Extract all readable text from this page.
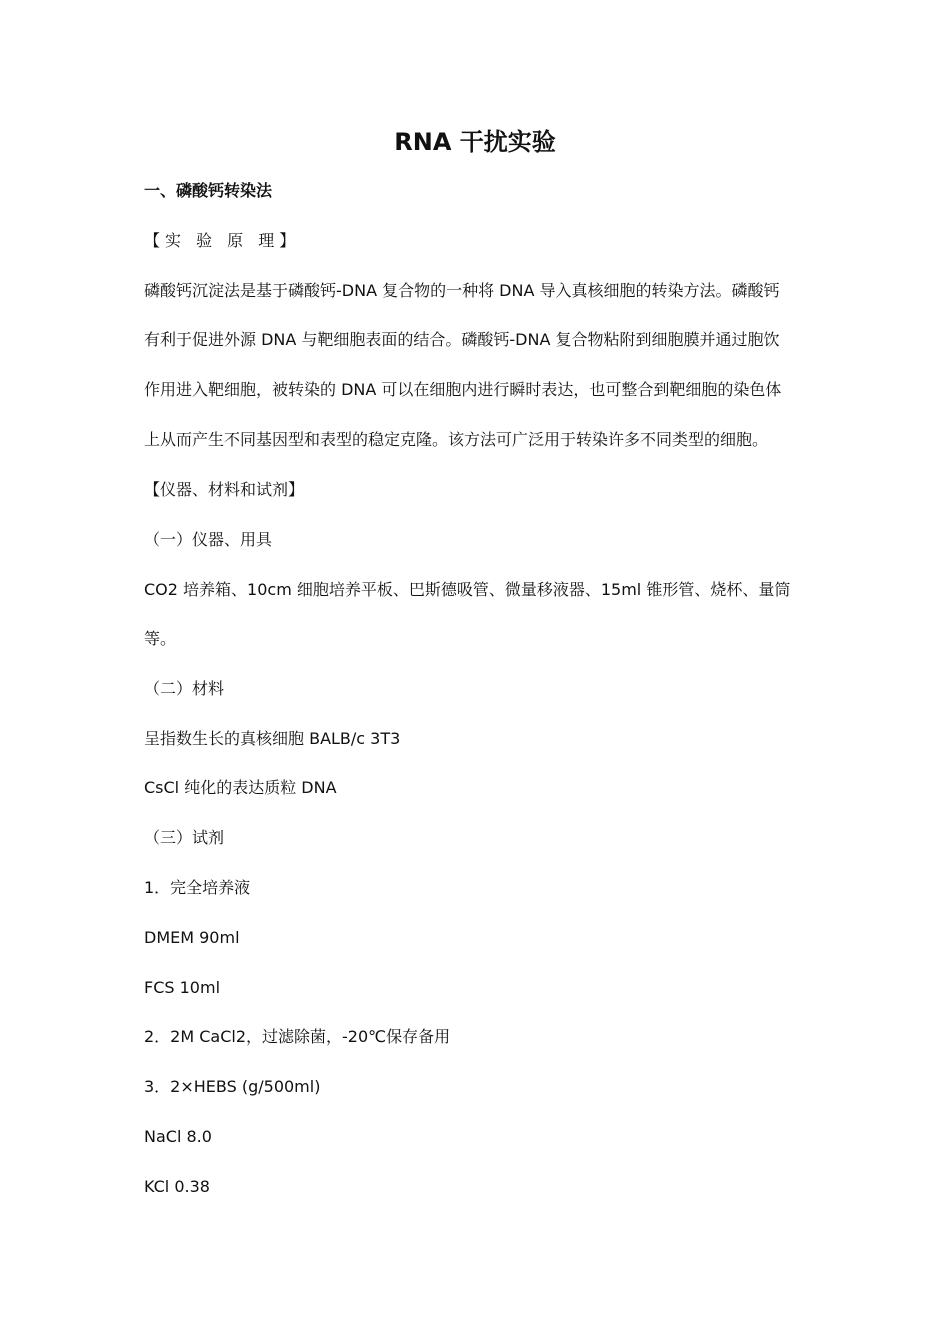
RNA 干扰实验

一、磷酸钙转染法

【实 验 原 理】

磷酸钙沉淀法是基于磷酸钙-DNA 复合物的一种将 DNA 导入真核细胞的转染方法。磷酸钙

有利于促进外源 DNA 与靶细胞表面的结合。磷酸钙-DNA 复合物粘附到细胞膜并通过胞饮

作用进入靶细胞，被转染的 DNA 可以在细胞内进行瞬时表达，也可整合到靶细胞的染色体

上从而产生不同基因型和表型的稳定克隆。该方法可广泛用于转染许多不同类型的细胞。

【仪器、材料和试剂】

（一）仪器、用具

CO2 培养箱、10cm 细胞培养平板、巴斯德吸管、微量移液器、15ml 锥形管、烧杯、量筒

等。

（二）材料

呈指数生长的真核细胞 BALB/c 3T3

CsCl 纯化的表达质粒 DNA

（三）试剂

1．完全培养液

DMEM 90ml

FCS 10ml

2．2M CaCl2，过滤除菌，-20℃保存备用

3．2×HEBS (g/500ml)

NaCl 8.0

KCl 0.38
